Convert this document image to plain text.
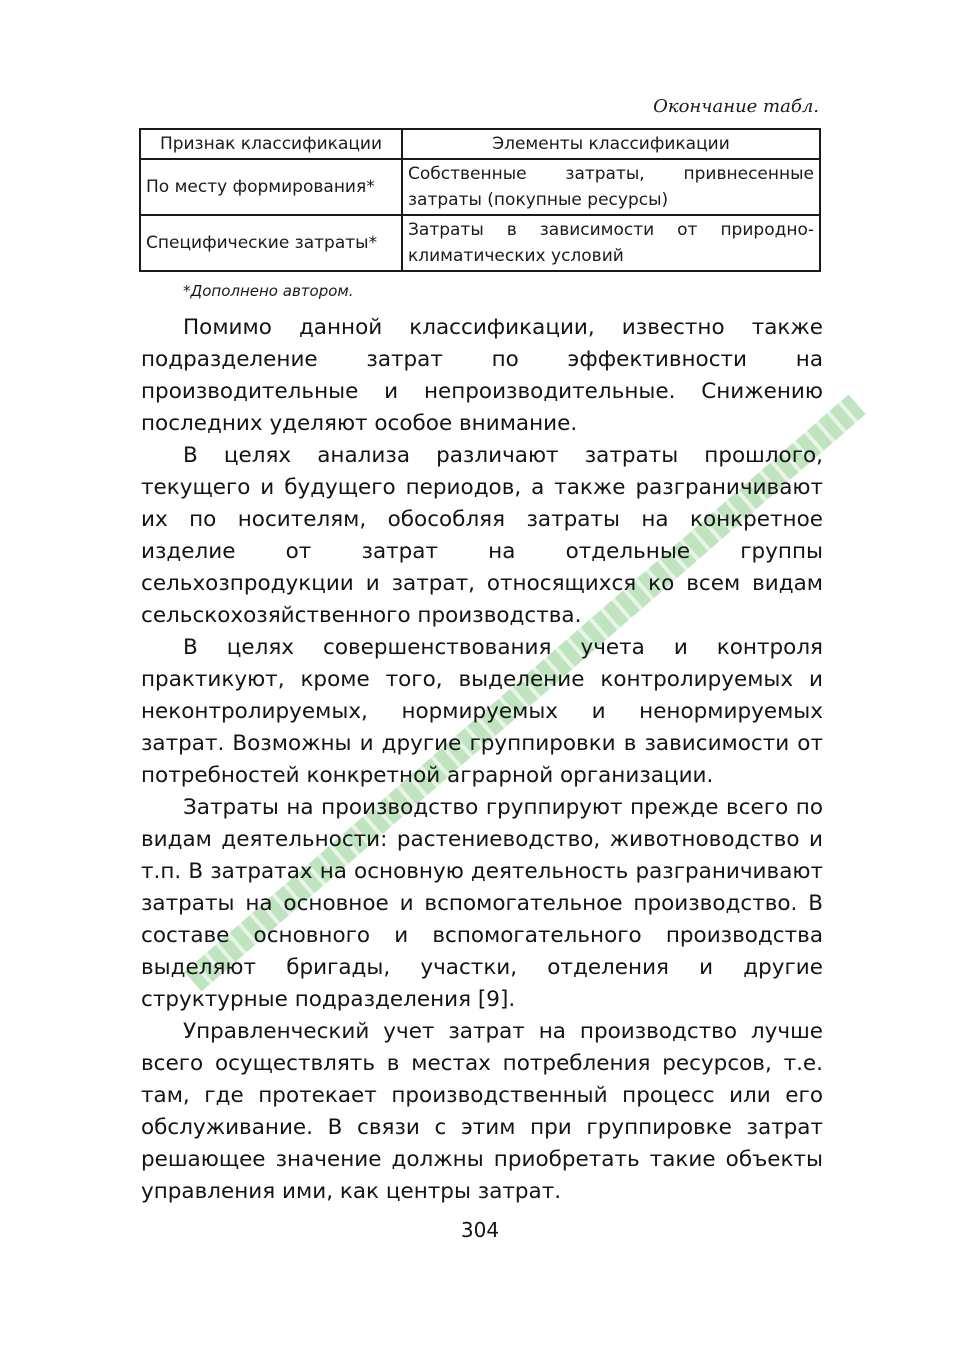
Окончание табл.
Признак классификации	Элементы классификации
По месту формирования*	Собственные затраты, привнесенные затраты (покупные ресурсы)
Специфические затраты*	Затраты в зависимости от природно-климатических условий
*Дополнено автором.

Помимо данной классификации, известно также подразделение затрат по эффективности на производительные и непроизводительные. Снижению последних уделяют особое внимание.

В целях анализа различают затраты прошлого, текущего и будущего периодов, а также разграничивают их по носителям, обособляя затраты на конкретное изделие от затрат на отдельные группы сельхозпродукции и затрат, относящихся ко всем видам сельскохозяйственного производства.

В целях совершенствования учета и контроля практикуют, кроме того, выделение контролируемых и неконтролируемых, нормируемых и ненормируемых затрат. Возможны и другие группировки в зависимости от потребностей конкретной аграрной организации.

Затраты на производство группируют прежде всего по видам деятельности: растениеводство, животноводство и т.п. В затратах на основную деятельность разграничивают затраты на основное и вспомогательное производство. В составе основного и вспомогательного производства выделяют бригады, участки, отделения и другие структурные подразделения [9].

Управленческий учет затрат на производство лучше всего осуществлять в местах потребления ресурсов, т.е. там, где протекает производственный процесс или его обслуживание. В связи с этим при группировке затрат решающее значение должны приобретать такие объекты управления ими, как центры затрат.

304
